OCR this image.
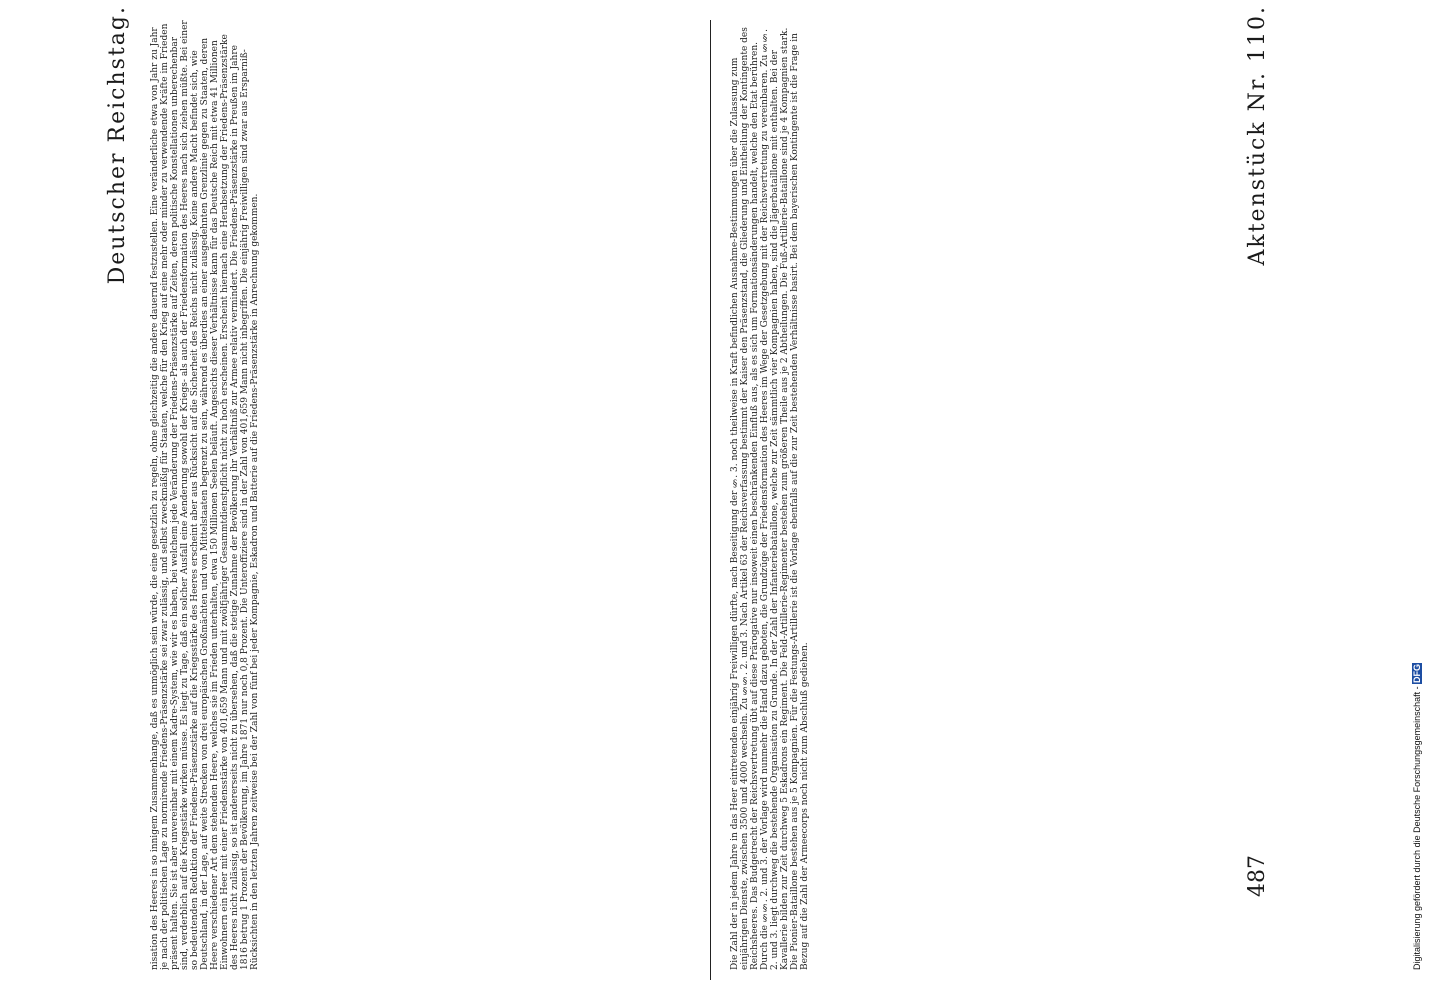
Deutscher Reichstag.	Aktenstück Nr. 110.
487
nisation des Heeres in so innigem Zusammenhange, daß es unmöglich sein würde, die eine gesetzlich zu regeln, ohne gleichzeitig die andere dauernd festzustellen. Eine veränderliche etwa von Jahr zu Jahr je nach der politischen Lage zu normirende Friedens-Präsenzstärke sei zwar zulässig, und selbst zweckmäßig für Staaten, welche für den Krieg auf eine mehr oder minder zu verwendende Kräfte im Frieden präsent halten. Sie ist aber unvereinbar mit einem Kadre-System, wie wir es haben, bei welchem jede Veränderung der Friedens-Präsenzstärke auf Zeiten, deren politische Konstellationen unberechenbar sind, verderblich auf die Kriegsstärke wirken müsse. Es liegt zu Tage, daß ein solcher Ausfall eine Aenderung sowohl der Kriegs- als auch der Friedensformation des Heeres nach sich ziehen müßte. Bei einer so bedeutenden Reduktion der Friedens-Präsenzstärke auf die Kriegsstärke des Heeres erscheint aber aus Rücksicht auf die Sicherheit des Reichs nicht zulässig. Keine andere Macht befindet sich, wie Deutschland, in der Lage, auf weite Strecken von drei europäischen Großmächten und von Mittelstaaten begrenzt zu sein, während es überdies an einer ausgedehnten Grenzlinie gegen zu Staaten, deren Heere verschiedener Art dem stehenden Heere, welches sie im Frieden unterhalten, etwa 150 Millionen Seelen beläuft. Angesichts dieser Verhältnisse kann für das Deutsche Reich mit etwa 41 Millionen Einwohnern ein Heer mit einer Friedensstärke von 401,659 Mann und mit zwölfjähriger Gesammtdienstpflicht nicht zu hoch erscheinen. Erscheint hiernach eine Herabsetzung der Friedens-Präsenzstärke des Heeres nicht zulässig, so ist andererseits nicht zu übersehen, daß die stetige Zunahme der Bevölkerung ihr Verhältniß zur Armee relativ vermindert. Die Friedens-Präsenzstärke in Preußen im Jahre 1816 betrug 1 Prozent der Bevölkerung, im Jahre 1871 nur noch 0,8 Prozent. Die Unteroffiziere sind in der Zahl von 401,659 Mann nicht inbegriffen. Die einjährig Freiwilligen sind zwar aus Ersparniß-Rücksichten in den letzten Jahren zeitweise bei der Zahl von fünf bei jeder Kompagnie, Eskadron und Batterie auf die Friedens-Präsenzstärke in Anrechnung gekommen.	Die Zahl der in jedem Jahre in das Heer eintretenden einjährig Freiwilligen dürfte, nach Beseitigung der §. 3. noch theilweise in Kraft befindlichen Ausnahme-Bestimmungen über die Zulassung zum einjährigen Dienste, zwischen 3500 und 4000 wechseln. Zu §§. 2. und 3. Nach Artikel 63 der Reichsverfassung bestimmt der Kaiser den Präsenzstand, die Gliederung und Eintheilung der Kontingente des Reichsheeres. Das Budgetrecht der Reichsvertretung übt auf diese Prärogative nur insoweit einen beschränkenden Einfluß aus, als es sich um Formationsänderungen handelt, welche den Etat berühren. Durch die §§. 2. und 3. der Vorlage wird nunmehr die Hand dazu geboten, die Grundzüge der Friedensformation des Heeres im Wege der Gesetzgebung mit der Reichsvertretung zu vereinbaren. Zu §§. 2. und 3. liegt durchweg die bestehende Organisation zu Grunde. In der Zahl der Infanteriebataillone, welche zur Zeit sämmtlich vier Kompagnien haben, sind die Jägerbataillone mit enthalten. Bei der Kavallerie bilden zur Zeit durchweg 5 Eskadrons ein Regiment. Die Feld-Artillerie-Regimenter bestehen zum größeren Theile aus je 2 Abtheilungen. Die Fuß-Artillerie-Bataillone sind je 4 Kompagnien stark. Die Pionier-Bataillone bestehen aus je 5 Kompagnien. Für die Festungs-Artillerie ist die Vorlage ebenfalls auf die zur Zeit bestehenden Verhältnisse basirt. Bei dem bayerischen Kontingente ist die Frage in Bezug auf die Zahl der Armeecorps noch nicht zum Abschluß gediehen.	Digitalisierung gefördert durch die Deutsche Forschungsgemeinschaft - DFG
